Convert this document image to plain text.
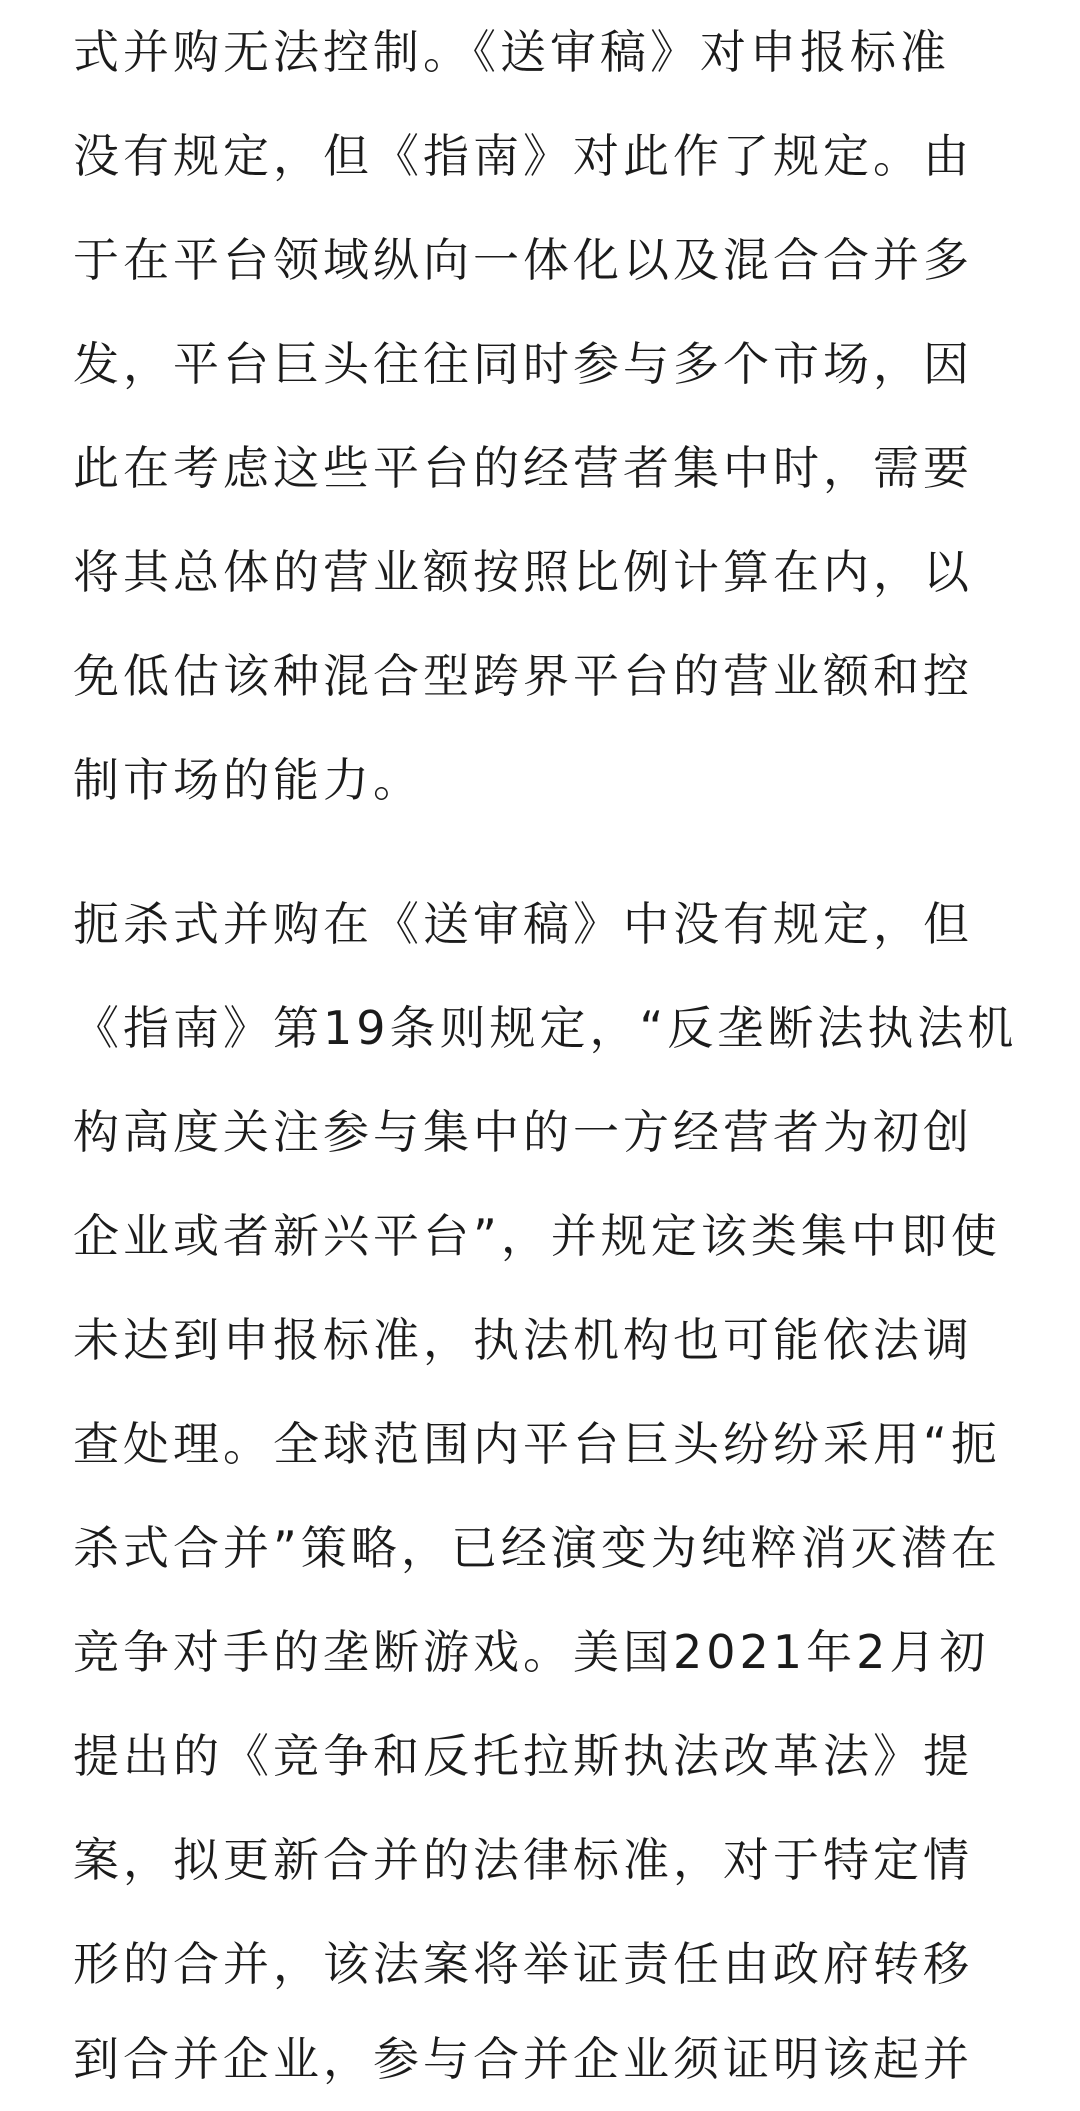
式并购无法控制。《送审稿》对申报标准
没有规定，但《指南》对此作了规定。由
于在平台领域纵向一体化以及混合合并多
发，平台巨头往往同时参与多个市场，因
此在考虑这些平台的经营者集中时，需要
将其总体的营业额按照比例计算在内，以
免低估该种混合型跨界平台的营业额和控
制市场的能力。
扼杀式并购在《送审稿》中没有规定，但
《指南》第19条则规定，“反垄断法执法机
构高度关注参与集中的一方经营者为初创
企业或者新兴平台”，并规定该类集中即使
未达到申报标准，执法机构也可能依法调
查处理。全球范围内平台巨头纷纷采用“扼
杀式合并”策略，已经演变为纯粹消灭潜在
竞争对手的垄断游戏。美国2021年2月初
提出的《竞争和反托拉斯执法改革法》提
案，拟更新合并的法律标准，对于特定情
形的合并，该法案将举证责任由政府转移
到合并企业，参与合并企业须证明该起并
